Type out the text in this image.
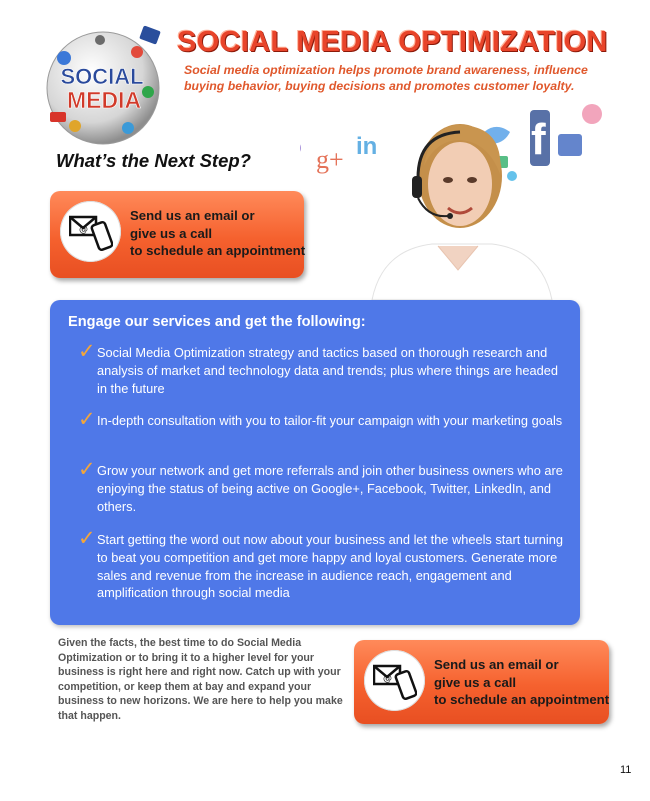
SOCIAL
MEDIA
SOCIAL MEDIA OPTIMIZATION
Social media optimization helps promote brand awareness, influence buying behavior, buying decisions and promotes customer loyalty.
What’s the Next Step?	g+ in	f
@
Send us an email or
give us a call
to schedule an appointment
Engage our services and get the following:
✓ Social Media Optimization strategy and tactics based on thorough research and analysis of market and technology data and trends; plus where things are headed in the future
✓ In-depth consultation with you to tailor-fit your campaign with your marketing goals
✓ Grow your network and get more referrals and join other business owners who are enjoying the status of being active on Google+, Facebook, Twitter, LinkedIn, and others.
✓ Start getting the word out now about your business and let the wheels start turning to beat you competition and get more happy and loyal customers. Generate more sales and revenue from the increase in audience reach, engagement and amplification through social media
Given the facts, the best time to do Social Media Optimization or to bring it to a higher level for your business is right here and right now. Catch up with your competition, or keep them at bay and expand your business to new horizons. We are here to help you make that happen.
@
Send us an email or
give us a call
to schedule an appointment
11
